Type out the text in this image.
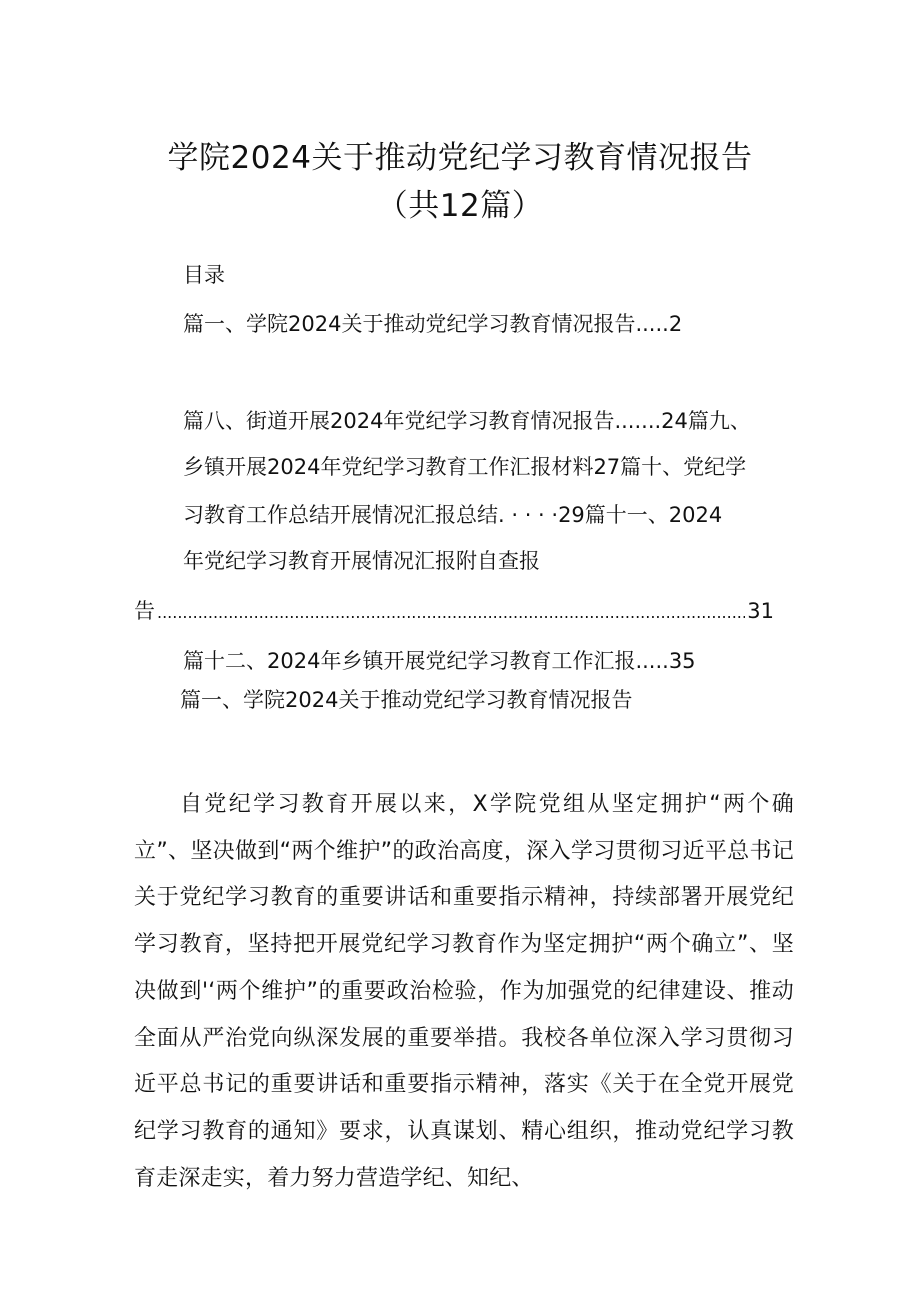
学院2024关于推动党纪学习教育情况报告
（共12篇）
目录
篇一、学院2024关于推动党纪学习教育情况报告.....2
篇八、街道开展2024年党纪学习教育情况报告.......24篇九、
乡镇开展2024年党纪学习教育工作汇报材料27篇十、党纪学
习教育工作总结开展情况汇报总结. · · · ·29篇十一、2024
年党纪学习教育开展情况汇报附自查报
告 .....	31
篇十二、2024年乡镇开展党纪学习教育工作汇报.....35
篇一、学院2024关于推动党纪学习教育情况报告

自党纪学习教育开展以来，X学院党组从坚定拥护“两个确立”、坚决做到“两个维护”的政治高度，深入学习贯彻习近平总书记关于党纪学习教育的重要讲话和重要指示精神，持续部署开展党纪学习教育，坚持把开展党纪学习教育作为坚定拥护“两个确立”、坚决做到'‘两个维护”的重要政治检验，作为加强党的纪律建设、推动全面从严治党向纵深发展的重要举措。我校各单位深入学习贯彻习近平总书记的重要讲话和重要指示精神，落实《关于在全党开展党纪学习教育的通知》要求，认真谋划、精心组织，推动党纪学习教育走深走实，着力努力营造学纪、知纪、
